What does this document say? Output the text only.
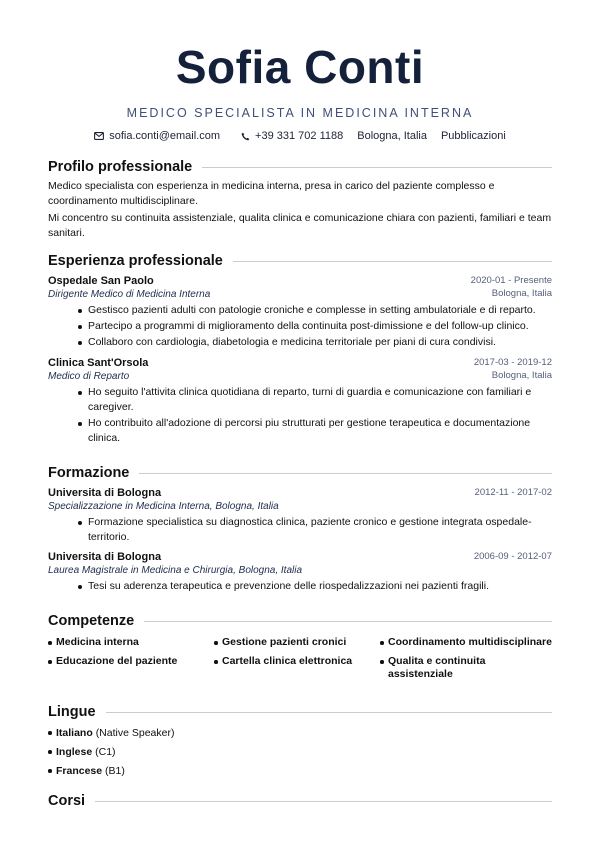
Sofia Conti
MEDICO SPECIALISTA IN MEDICINA INTERNA
sofia.conti@email.com	+39 331 702 1188 Bologna, Italia Pubblicazioni
Profilo professionale

Medico specialista con esperienza in medicina interna, presa in carico del paziente complesso e coordinamento multidisciplinare.

Mi concentro su continuita assistenziale, qualita clinica e comunicazione chiara con pazienti, familiari e team sanitari.

Esperienza professionale
Ospedale San Paolo
Dirigente Medico di Medicina Interna
2020-01 - Presente
Bologna, Italia
Gestisco pazienti adulti con patologie croniche e complesse in setting ambulatoriale e di reparto.
Partecipo a programmi di miglioramento della continuita post-dimissione e del follow-up clinico.
Collaboro con cardiologia, diabetologia e medicina territoriale per piani di cura condivisi.
Clinica Sant'Orsola
Medico di Reparto
2017-03 - 2019-12
Bologna, Italia
Ho seguito l'attivita clinica quotidiana di reparto, turni di guardia e comunicazione con familiari e caregiver.
Ho contribuito all'adozione di percorsi piu strutturati per gestione terapeutica e documentazione clinica.
Formazione
Universita di Bologna
Specializzazione in Medicina Interna, Bologna, Italia
2012-11 - 2017-02
Formazione specialistica su diagnostica clinica, paziente cronico e gestione integrata ospedale-territorio.
Universita di Bologna
Laurea Magistrale in Medicina e Chirurgia, Bologna, Italia
2006-09 - 2012-07
Tesi su aderenza terapeutica e prevenzione delle riospedalizzazioni nei pazienti fragili.
Competenze
Medicina interna	Gestione pazienti cronici	Coordinamento multidisciplinare
Educazione del paziente	Cartella clinica elettronica	Qualita e continuita assistenziale
Lingue
Italiano (Native Speaker)
Inglese (C1)
Francese (B1)
Corsi
